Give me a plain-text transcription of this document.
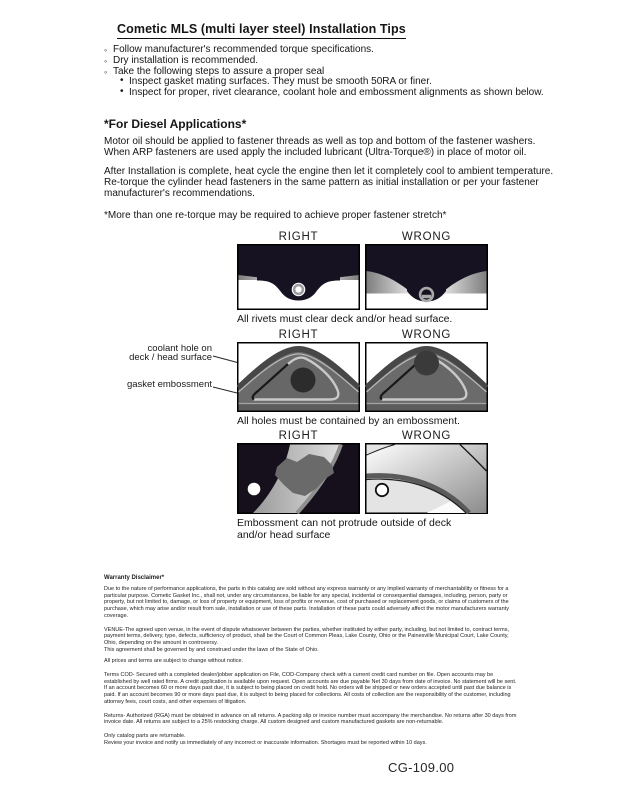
Cometic MLS (multi layer steel) Installation Tips
◦ Follow manufacturer's recommended torque specifications.
◦ Dry installation is recommended.
◦ Take the following steps to assure a proper seal
• Inspect gasket mating surfaces. They must be smooth 50RA or finer.
• Inspect for proper, rivet clearance, coolant hole and embossment alignments as shown below.
*For Diesel Applications*

Motor oil should be applied to fastener threads as well as top and bottom of the fastener washers. When ARP fasteners are used apply the included lubricant (Ultra-Torque®) in place of motor oil.

After Installation is complete, heat cycle the engine then let it completely cool to ambient temperature. Re-torque the cylinder head fasteners in the same pattern as initial installation or per your fastener manufacturer's recommendations.

*More than one re-torque may be required to achieve proper fastener stretch*

RIGHT	WRONG
All rivets must clear deck and/or head surface.
coolant hole on
deck / head surface
gasket embossment
RIGHT	WRONG
All holes must be contained by an embossment.
RIGHT	WRONG
Embossment can not protrude outside of deck
and/or head surface
Warranty Disclaimer*

Due to the nature of performance applications, the parts in this catalog are sold without any express warranty or any implied warranty of merchantability or fitness for a particular purpose. Cometic Gasket Inc., shall not, under any circumstances, be liable for any special, incidental or consequential damages, including, person, party or property, but not limited to, damage, or loss of property or equipment, loss of profits or revenue, cost of purchased or replacement goods, or claims of customers of the purchase, which may arise and/or result from sale, installation or use of these parts. Installation of these parts could adversely affect the motor manufacturers warranty coverage.

VENUE-The agreed upon venue, in the event of dispute whatsoever between the parties, whether instituted by either party, including, but not limited to, contract terms, payment terms, delivery, type, defects, sufficiency of product, shall be the Court of Common Pleas, Lake County, Ohio or the Painesville Municipal Court, Lake County, Ohio, depending on the amount in controversy.

This agreement shall be governed by and construed under the laws of the State of Ohio.

All prices and terms are subject to change without notice.

Terms COD- Secured with a completed dealer/jobber application on File, COD-Company check with a current credit card number on file. Open accounts may be established by well rated firms. A credit application is available upon request. Open accounts are due payable Net 30 days from date of invoice. No statement will be sent. If an account becomes 60 or more days past due, it is subject to being placed on credit hold. No orders will be shipped or new orders accepted until past due balance is paid. If an account becomes 90 or more days past due, it is subject to being placed for collections. All costs of collection are the responsibility of the customer, including attorney fees, court costs, and other expenses of litigation.

Returns- Authorized (RGA) must be obtained in advance on all returns. A packing slip or invoice number must accompany the merchandise. No returns after 30 days from invoice date. All returns are subject to a 25% restocking charge. All custom designed and custom manufactured gaskets are non-returnable.

Only catalog parts are returnable.

Review your invoice and notify us immediately of any incorrect or inaccurate information. Shortages must be reported within 10 days.

CG-109.00
